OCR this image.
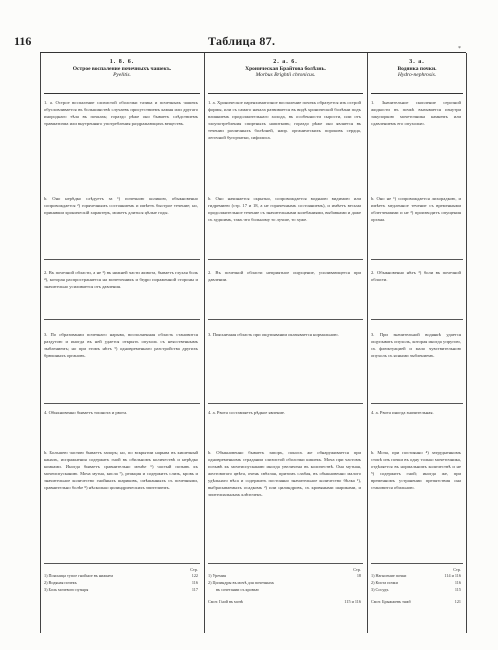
116	Таблица 87.
*
1. 8. 6.
Острое воспаление почечныхъ чашекъ.
Pyelitis.
1. a. Острое воспаление слизистой оболочки тазика и почечныхъ чашекъ обусловливается въ большинствѣ случаевъ присутствиемъ камня или другаго инороднаго тѣла въ почкахъ; гораздо рѣже оно бываетъ слѣдствиемъ травматизма или внутренняго употребления раздражающихъ веществъ.
b. Оно нерѣдко слѣдуетъ за ¹) почечною коликою, обыкновенно сопровождается ²) горячечнымъ состояниемъ и имѣетъ быстрое течение; но, принявши хроническій характеръ, можетъ длиться цѣлые годы.
2. Въ почечной области, а не ³) въ нижней части живота, бываетъ глухая боль ⁴), которая распространяется на мочеточникъ и бедро пораженной стороны и значительно усиливается отъ давления.
3. По образовании почечнаго нарыва, восполненная область становится раздутою и иногда въ ней удается открыть опухоль съ неясственнымъ зыблениемъ; но при этомъ нѣтъ ⁵) одновременнаго разстройства другихъ брюшныхъ органовъ.
4. Обыкновенно бываетъ тошнота и рвота.
b. Большею частию бываетъ запоръ; но, по вскрытии нарыва въ кишечный каналъ, испражнения содержатъ гной въ обильномъ количествѣ и нерѣдко комками. Иногда бываетъ сравнительно менѣе ⁶) частый позывъ къ мочеиспусканию. Моча мутна, кисла ⁷), реакция и содержитъ слизь, кровь и значительное количество гнойныхъ шариковъ, смѣшанныхъ съ почечными, сравнительно болѣе ⁸) нѣсколько цилиндрическихъ эпителиемъ.
Стр.
1) Поясница тупое гнойное въ нижнем	122
2) Водяная почекъ	116
3) Боль мочевого пузыря	117
2. a. 6.
Хроническая Брайтова болѣзнь.
Morbus Brightii chronicus.
1. a. Хроническое паренхиматозное воспаление почекъ образуется изъ острой формы, или съ самаго начала развивается въ видѣ хронической болѣзни подъ влияниемъ продолжительнаго холода, въ особенности сырости, или отъ злоупотребления спиртныхъ напитковъ; гораздо рѣже оно является въ течении различныхъ болѣзней, напр. органическихъ пороковъ сердца, легочной бугорчатки, сифилиса.
b. Оно начинается скрытно, сопровождается водяною видимою или гидремиею (стр. 17 и 18, а не горячечнымъ состояниемъ), и имѣетъ весьма продолжительное течение съ значительными колебаниями, выбавками и даже съ худшимъ, такъ что больному то лучше, то хуже.
2. Въ почечной области неприятное ощущение, усиливающееся при давлении.
3. Поясничная область при ощупывании оказывается нормальною.
4. a. Рвота составляетъ рѣдкое явление.
b. Обыкновенно бываетъ запоръ, поносъ же обнаруживается при одновременномъ страдании слизистой оболочки кишекъ. Моча при частомъ позывѣ къ мочеиспусканию иногда увеличена въ количествѣ. Она мутная, желтоватаго цвѣта, очень свѣтлая, притомъ слабая, въ обыкновенно малого удѣльнаго вѣса и содержитъ постоянно значительное количество бѣлка ¹), выбрасываемыхъ осадкомъ ²) или цилиндровъ, съ кровяными шариками, и эпителиальныхъ клѣточекъ.
Стр.
1) Уремия	18
2) Цилиндры въ мочѣ для почечныхъ
въ сочетании съ кровью
Смот. Гной въ мочѣ	115 и 116
3. a.
Водянка почки.
Hydro-nephrosis.
1. Значительное скопление серозной жидкости въ почкѣ вызывается изнутри закупоркою мочеточника камнемъ или сдавлениемъ его опухолью.
b. Оно не ¹) сопровождается лихорадкою, и имѣетъ медленное течение съ временными облегчениями и не ²) производитъ опущения органа.
2. Обыкновенно нѣтъ ³) боли въ почечной области.
3. При значительной водянкѣ удается ощупывать опухоль, которая иногда упругою, съ флюктуацией и мало чувствительною опухоль съ ясными зыблениемъ.
4. a. Рвота иногда значительная.
b. Моча, при постоянно ⁴) затрудненномъ стокѣ изъ почки въ одну только мочеточника, отдѣляется въ нормальномъ количествѣ и не ⁵) содержитъ гной; иногда же, при временномъ устранении препятствия она становится обильною.
Стр.
1) Нагноение почки	114 и 116
2) Киста почки	116
3) Сосудъ	115
Смот. Брыжжевъ тяжб	121
